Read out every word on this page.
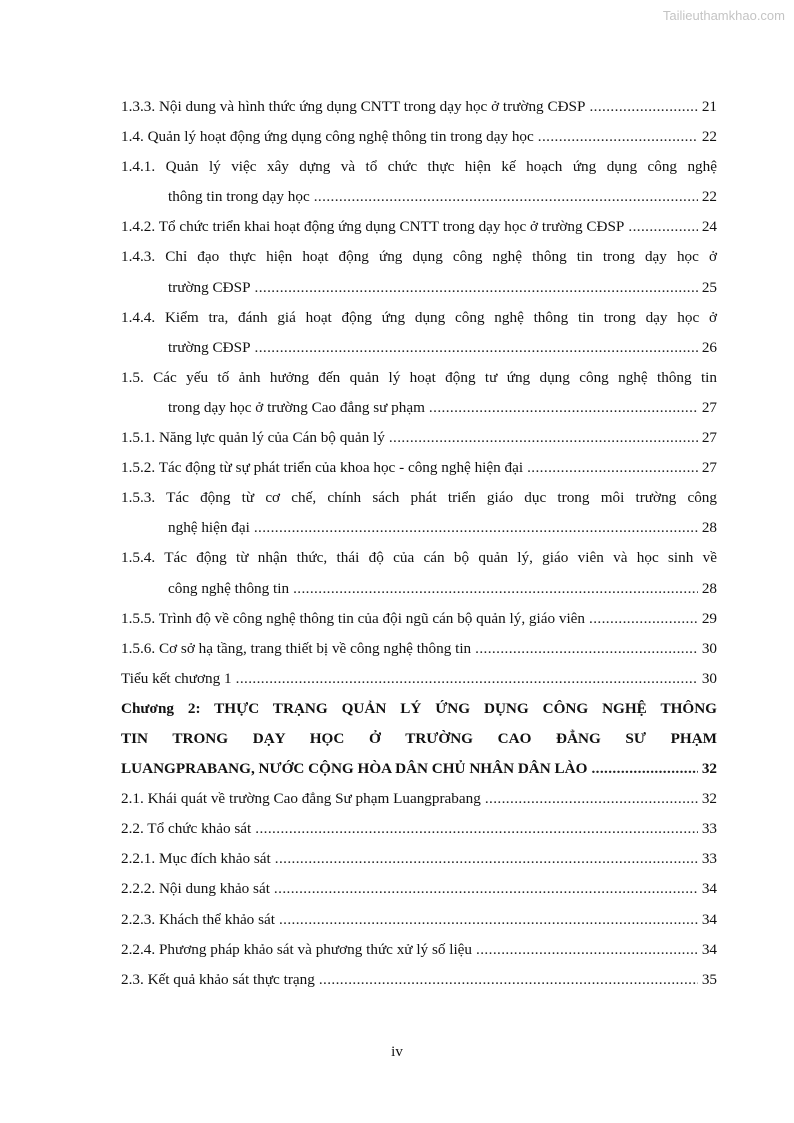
Tailieuthamkhao.com
1.3.3. Nội dung và hình thức ứng dụng CNTT trong dạy học ở trường CĐSP .....	21
1.4. Quản lý hoạt động ứng dụng công nghệ thông tin trong dạy học .....	22
1.4.1. Quản lý việc xây dựng và tổ chức thực hiện kế hoạch ứng dụng công nghệ
thông tin trong dạy học .....	22
1.4.2. Tổ chức triển khai hoạt động ứng dụng CNTT trong dạy học ở trường CĐSP .....	24
1.4.3. Chỉ đạo thực hiện hoạt động ứng dụng công nghệ thông tin trong dạy học ở
trường CĐSP .....	25
1.4.4. Kiểm tra, đánh giá hoạt động ứng dụng công nghệ thông tin trong dạy học ở
trường CĐSP .....	26
1.5. Các yếu tố ảnh hưởng đến quản lý hoạt động tư ứng dụng công nghệ thông tin
trong dạy học ở trường Cao đẳng sư phạm .....	27
1.5.1. Năng lực quản lý của Cán bộ quản lý .....	27
1.5.2. Tác động từ sự phát triển của khoa học - công nghệ hiện đại .....	27
1.5.3. Tác động từ cơ chế, chính sách phát triển giáo dục trong môi trường công
nghệ hiện đại .....	28
1.5.4. Tác động từ nhận thức, thái độ của cán bộ quản lý, giáo viên và học sinh về
công nghệ thông tin .....	28
1.5.5. Trình độ về công nghệ thông tin của đội ngũ cán bộ quản lý, giáo viên .....	29
1.5.6. Cơ sở hạ tầng, trang thiết bị về công nghệ thông tin .....	30
Tiểu kết chương 1 .....	30
Chương 2: THỰC TRẠNG QUẢN LÝ ỨNG DỤNG CÔNG NGHỆ THÔNG
TIN TRONG DẠY HỌC Ở TRƯỜNG CAO ĐẲNG SƯ PHẠM
LUANGPRABANG, NƯỚC CỘNG HÒA DÂN CHỦ NHÂN DÂN LÀO .....	32
2.1. Khái quát về trường Cao đẳng Sư phạm Luangprabang .....	32
2.2. Tổ chức khảo sát .....	33
2.2.1. Mục đích khảo sát .....	33
2.2.2. Nội dung khảo sát .....	34
2.2.3. Khách thể khảo sát .....	34
2.2.4. Phương pháp khảo sát và phương thức xử lý số liệu .....	34
2.3. Kết quả khảo sát thực trạng .....	35
iv
